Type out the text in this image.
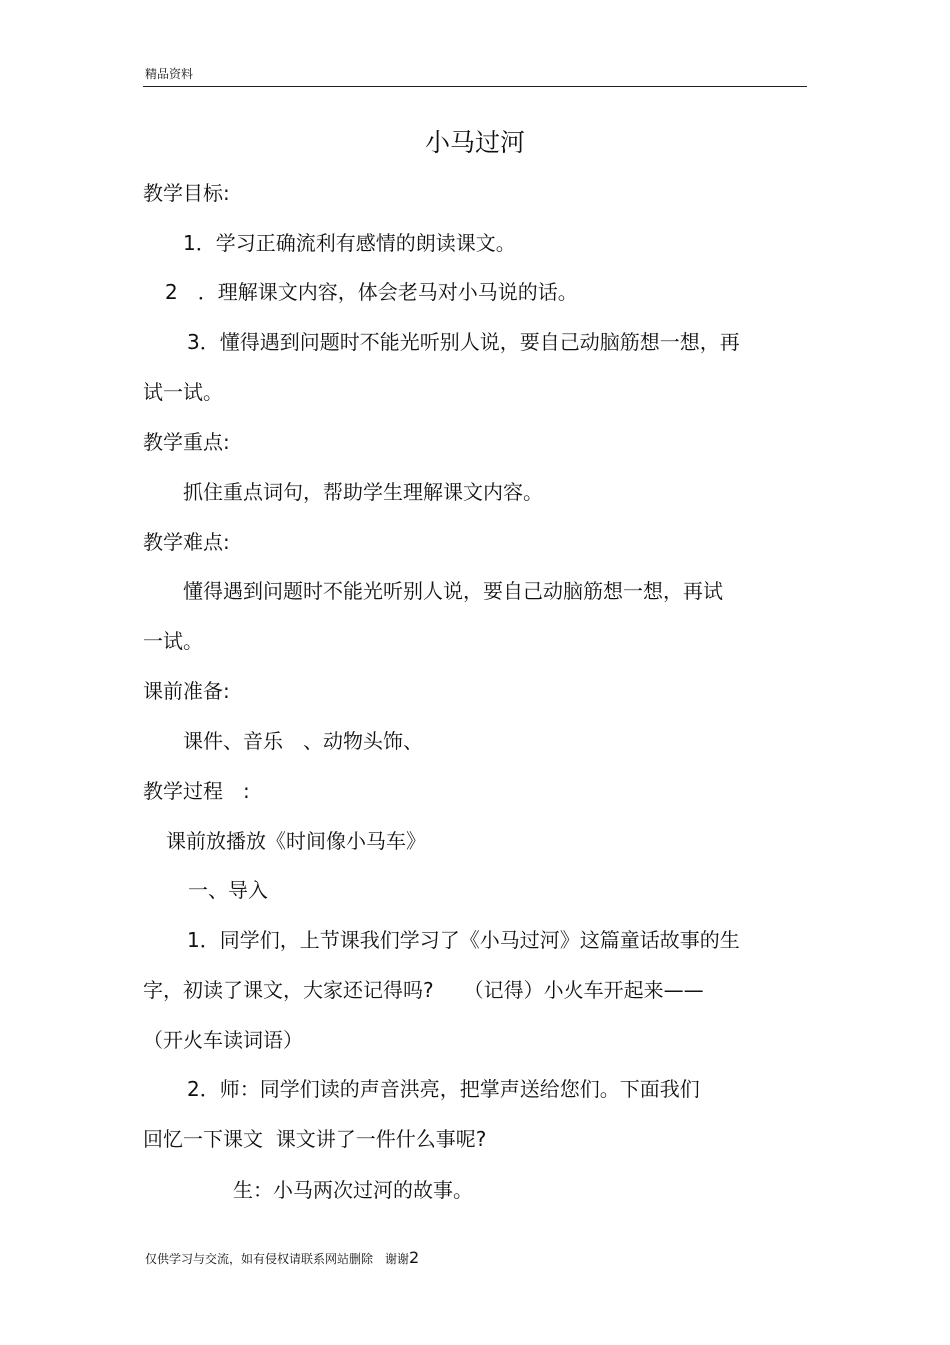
精品资料
小马过河
教学目标:
1．学习正确流利有感情的朗读课文。
2　．理解课文内容，体会老马对小马说的话。
3．懂得遇到问题时不能光听别人说，要自己动脑筋想一想，再
试一试。
教学重点:
抓住重点词句，帮助学生理解课文内容。
教学难点:
懂得遇到问题时不能光听别人说，要自己动脑筋想一想，再试
一试。
课前准备:
课件、音乐　、动物头饰、
教学过程　:
课前放播放《时间像小马车》
一、导入
1．同学们，上节课我们学习了《小马过河》这篇童话故事的生
字，初读了课文，大家还记得吗?　　（记得）小火车开起来——
（开火车读词语）
2．师：同学们读的声音洪亮，把掌声送给您们。下面我们
回忆一下课文  课文讲了一件什么事呢?
生：小马两次过河的故事。
仅供学习与交流，如有侵权请联系网站删除　谢谢2
